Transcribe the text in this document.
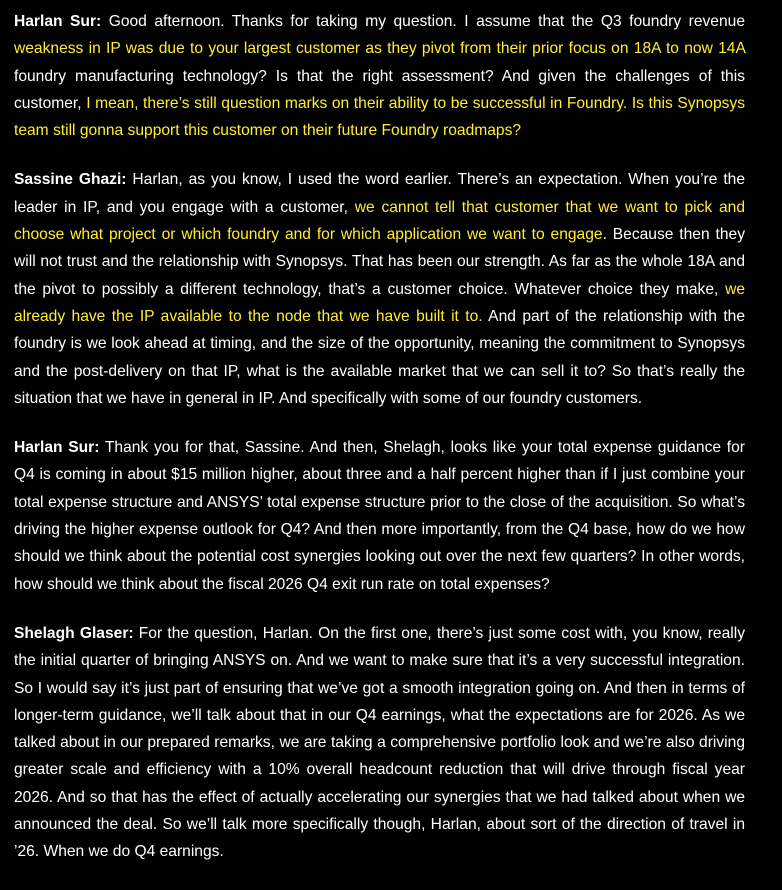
Harlan Sur: Good afternoon. Thanks for taking my question. I assume that the Q3 foundry revenue weakness in IP was due to your largest customer as they pivot from their prior focus on 18A to now 14A foundry manufacturing technology? Is that the right assessment? And given the challenges of this customer, I mean, there’s still question marks on their ability to be successful in Foundry. Is this Synopsys team still gonna support this customer on their future Foundry roadmaps?

Sassine Ghazi: Harlan, as you know, I used the word earlier. There’s an expectation. When you’re the leader in IP, and you engage with a customer, we cannot tell that customer that we want to pick and choose what project or which foundry and for which application we want to engage. Because then they will not trust and the relationship with Synopsys. That has been our strength. As far as the whole 18A and the pivot to possibly a different technology, that’s a customer choice. Whatever choice they make, we already have the IP available to the node that we have built it to. And part of the relationship with the foundry is we look ahead at timing, and the size of the opportunity, meaning the commitment to Synopsys and the post-delivery on that IP, what is the available market that we can sell it to? So that’s really the situation that we have in general in IP. And specifically with some of our foundry customers.

Harlan Sur: Thank you for that, Sassine. And then, Shelagh, looks like your total expense guidance for Q4 is coming in about $15 million higher, about three and a half percent higher than if I just combine your total expense structure and ANSYS’ total expense structure prior to the close of the acquisition. So what’s driving the higher expense outlook for Q4? And then more importantly, from the Q4 base, how do we how should we think about the potential cost synergies looking out over the next few quarters? In other words, how should we think about the fiscal 2026 Q4 exit run rate on total expenses?

Shelagh Glaser: For the question, Harlan. On the first one, there’s just some cost with, you know, really the initial quarter of bringing ANSYS on. And we want to make sure that it’s a very successful integration. So I would say it’s just part of ensuring that we’ve got a smooth integration going on. And then in terms of longer-term guidance, we’ll talk about that in our Q4 earnings, what the expectations are for 2026. As we talked about in our prepared remarks, we are taking a comprehensive portfolio look and we’re also driving greater scale and efficiency with a 10% overall headcount reduction that will drive through fiscal year 2026. And so that has the effect of actually accelerating our synergies that we had talked about when we announced the deal. So we’ll talk more specifically though, Harlan, about sort of the direction of travel in ’26. When we do Q4 earnings.
